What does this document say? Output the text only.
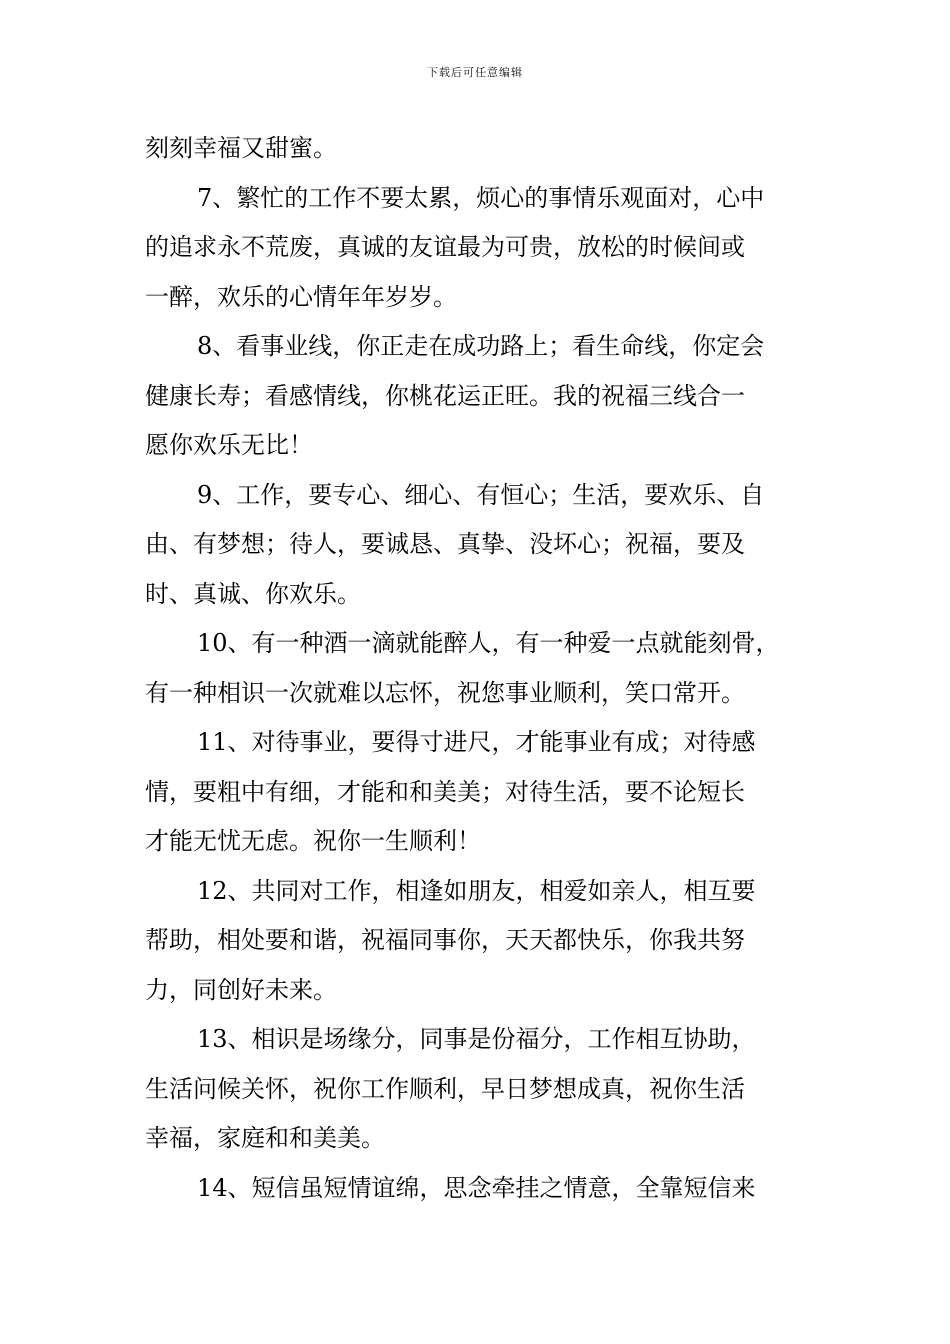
下载后可任意编辑
刻刻幸福又甜蜜。
7、繁忙的工作不要太累，烦心的事情乐观面对，心中
的追求永不荒废，真诚的友谊最为可贵，放松的时候间或
一醉，欢乐的心情年年岁岁。
8、看事业线，你正走在成功路上；看生命线，你定会
健康长寿；看感情线，你桃花运正旺。我的祝福三线合一
愿你欢乐无比！
9、工作，要专心、细心、有恒心；生活，要欢乐、自
由、有梦想；待人，要诚恳、真挚、没坏心；祝福，要及
时、真诚、你欢乐。
10、有一种酒一滴就能醉人，有一种爱一点就能刻骨，
有一种相识一次就难以忘怀，祝您事业顺利，笑口常开。
11、对待事业，要得寸进尺，才能事业有成；对待感
情，要粗中有细，才能和和美美；对待生活，要不论短长
才能无忧无虑。祝你一生顺利！
12、共同对工作，相逢如朋友，相爱如亲人，相互要
帮助，相处要和谐，祝福同事你，天天都快乐，你我共努
力，同创好未来。
13、相识是场缘分，同事是份福分，工作相互协助，
生活问候关怀，祝你工作顺利，早日梦想成真，祝你生活
幸福，家庭和和美美。
14、短信虽短情谊绵，思念牵挂之情意，全靠短信来
